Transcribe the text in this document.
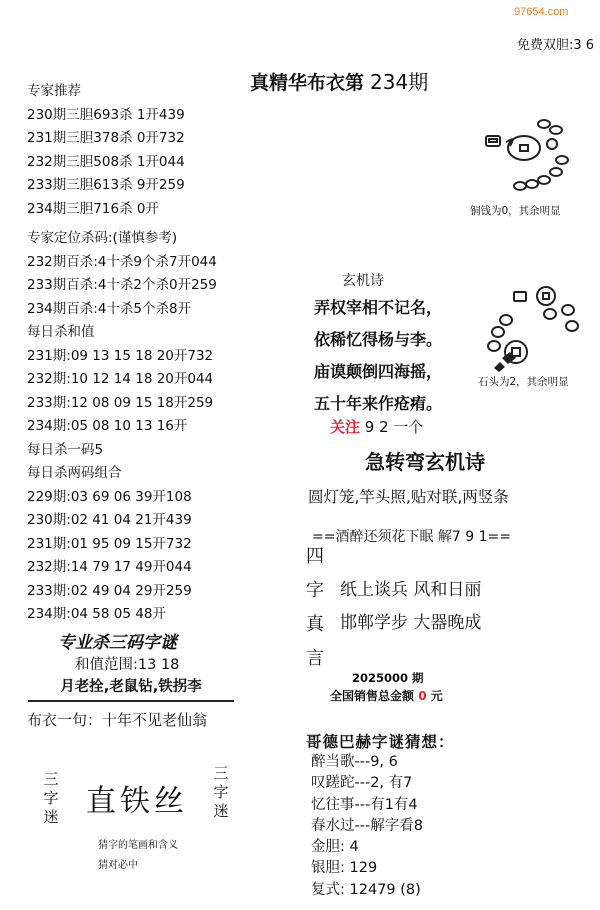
97654.com
免费双胆:3 6
真精华布衣第 234期
专家推荐
230期三胆693杀 1开439
231期三胆378杀 0开732
232期三胆508杀 1开044
233期三胆613杀 9开259
234期三胆716杀 0开
专家定位杀码:(谨慎参考)
232期百杀:4十杀9个杀7开044
233期百杀:4十杀2个杀0开259
234期百杀:4十杀5个杀8开
每日杀和值
231期:09 13 15 18 20开732
232期:10 12 14 18 20开044
233期:12 08 09 15 18开259
234期:05 08 10 13 16开
每日杀一码5
每日杀两码组合
229期:03 69 06 39开108
230期:02 41 04 21开439
231期:01 95 09 15开732
232期:14 79 17 49开044
233期:02 49 04 29开259
234期:04 58 05 48开
专业杀三码字谜
和值范围:13 18
月老拴,老鼠钻,铁拐李
布衣一句：十年不见老仙翁
三字迷 直铁丝
三字迷
猜字的笔画和含义
猜对必中
铜钱为0，其余明显
石头为2，其余明显
玄机诗
弄权宰相不记名，
依稀忆得杨与李。
庙谟颠倒四海摇，
五十年来作疮痏。
关注 9 2 一个
急转弯玄机诗
圆灯笼,竿头照,贴对联,两竖条
==酒醉还须花下眠 解7 9 1==
四
字
真
言
纸上谈兵 风和日丽
邯郸学步 大器晚成
2025000 期
全国销售总金额 0 元
哥德巴赫字谜猜想：
醉当歌---9, 6
叹蹉跎---2, 有7
忆往事---有1有4
春水过---解字看8
金胆: 4
银胆: 129
复式: 12479 (8)
